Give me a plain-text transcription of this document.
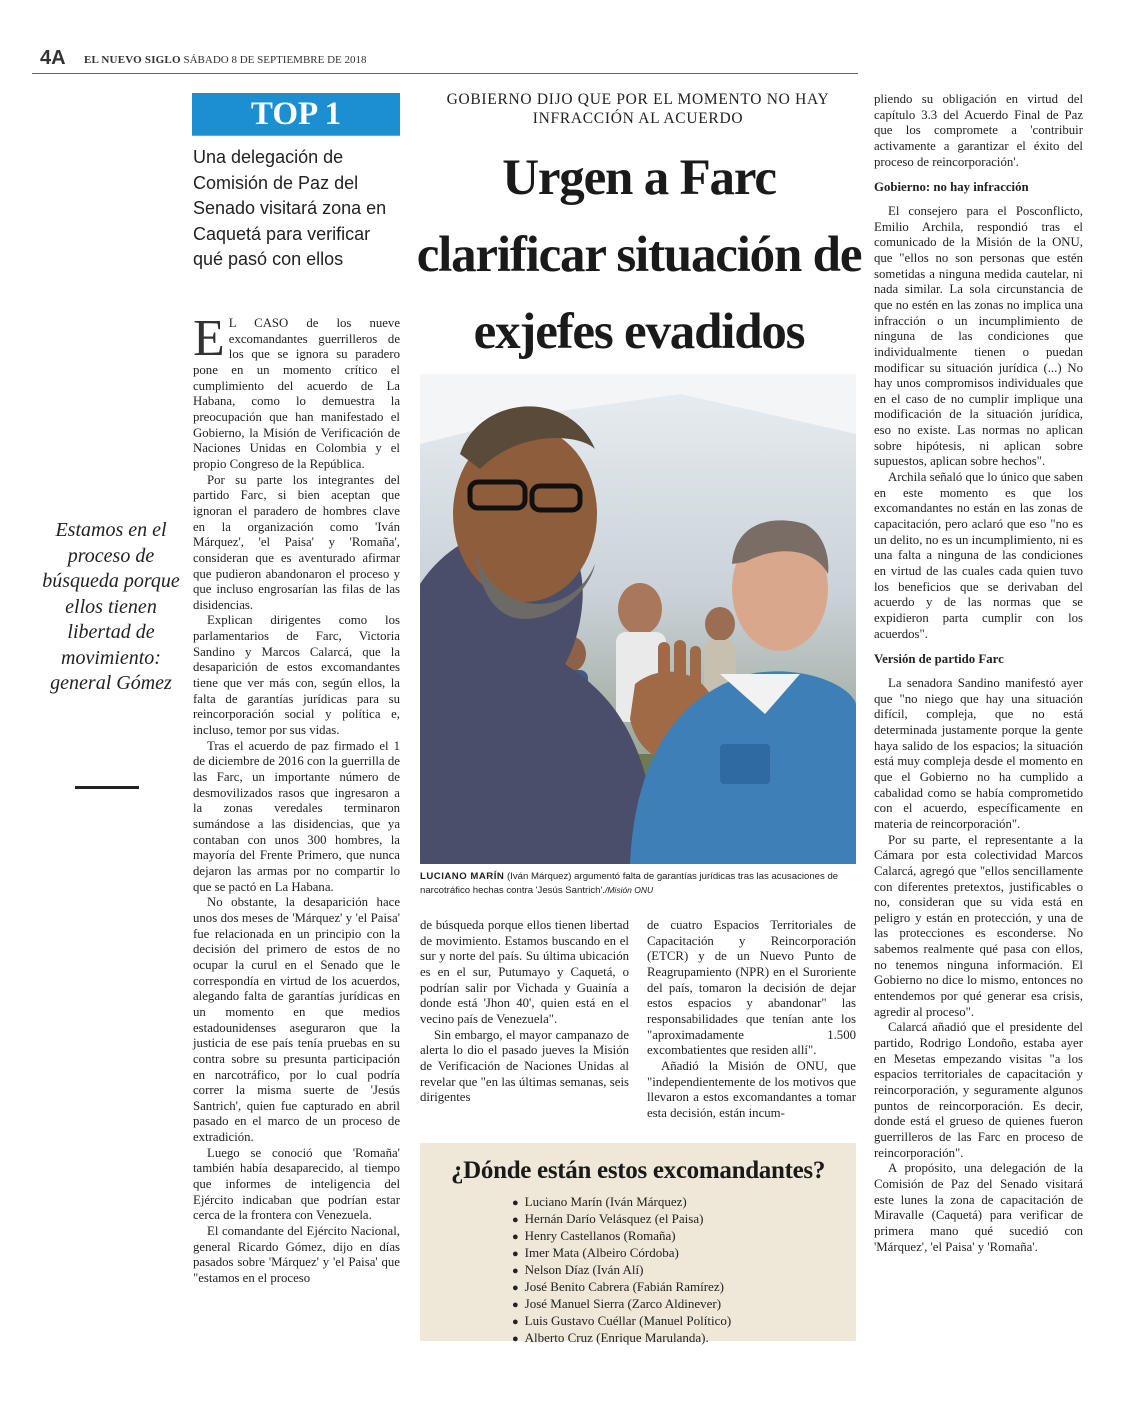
4A EL NUEVO SIGLO SÁBADO 8 DE SEPTIEMBRE DE 2018
TOP 1
Una delegación de Comisión de Paz del Senado visitará zona en Caquetá para verificar qué pasó con ellos
Estamos en el proceso de búsqueda porque ellos tienen libertad de movimiento: general Gómez
GOBIERNO DIJO QUE POR EL MOMENTO NO HAY INFRACCIÓN AL ACUERDO
Urgen a Farc clarificar situación de exjefes evadidos

E L CASO de los nueve excomandantes guerrilleros de los que se ignora su paradero pone en un momento crítico el cumplimiento del acuerdo de La Habana, como lo demuestra la preocupación que han manifestado el Gobierno, la Misión de Verificación de Naciones Unidas en Colombia y el propio Congreso de la República.

Por su parte los integrantes del partido Farc, si bien aceptan que ignoran el paradero de hombres clave en la organización como 'Iván Márquez', 'el Paisa' y 'Romaña', consideran que es aventurado afirmar que pudieron abandonaron el proceso y que incluso engrosarían las filas de las disidencias.

Explican dirigentes como los parlamentarios de Farc, Victoria Sandino y Marcos Calarcá, que la desaparición de estos excomandantes tiene que ver más con, según ellos, la falta de garantías jurídicas para su reincorporación social y política e, incluso, temor por sus vidas.

Tras el acuerdo de paz firmado el 1 de diciembre de 2016 con la guerrilla de las Farc, un importante número de desmovilizados rasos que ingresaron a la zonas veredales terminaron sumándose a las disidencias, que ya contaban con unos 300 hombres, la mayoría del Frente Primero, que nunca dejaron las armas por no compartir lo que se pactó en La Habana.

No obstante, la desaparición hace unos dos meses de 'Márquez' y 'el Paisa' fue relacionada en un principio con la decisión del primero de estos de no ocupar la curul en el Senado que le correspondía en virtud de los acuerdos, alegando falta de garantías jurídicas en un momento en que medios estadounidenses aseguraron que la justicia de ese país tenía pruebas en su contra sobre su presunta participación en narcotráfico, por lo cual podría correr la misma suerte de 'Jesús Santrich', quien fue capturado en abril pasado en el marco de un proceso de extradición.

Luego se conoció que 'Romaña' también había desaparecido, al tiempo que informes de inteligencia del Ejército indicaban que podrían estar cerca de la frontera con Venezuela.

El comandante del Ejército Nacional, general Ricardo Gómez, dijo en días pasados sobre 'Márquez' y 'el Paisa' que "estamos en el proceso

LUCIANO MARÍN (Iván Márquez) argumentó falta de garantías jurídicas tras las acusaciones de narcotráfico hechas contra 'Jesús Santrich'./Misión ONU

de búsqueda porque ellos tienen libertad de movimiento. Estamos buscando en el sur y norte del país. Su última ubicación es en el sur, Putumayo y Caquetá, o podrían salir por Vichada y Guainía a donde está 'Jhon 40', quien está en el vecino país de Venezuela".

Sin embargo, el mayor campanazo de alerta lo dio el pasado jueves la Misión de Verificación de Naciones Unidas al revelar que "en las últimas semanas, seis dirigentes

de cuatro Espacios Territoriales de Capacitación y Reincorporación (ETCR) y de un Nuevo Punto de Reagrupamiento (NPR) en el Suroriente del país, tomaron la decisión de dejar estos espacios y abandonar" las responsabilidades que tenían ante los "aproximadamente 1.500 excombatientes que residen allí".

Añadió la Misión de ONU, que "independientemente de los motivos que llevaron a estos excomandantes a tomar esta decisión, están incum-

¿Dónde están estos excomandantes?
● Luciano Marín (Iván Márquez)
● Hernán Darío Velásquez (el Paisa)
● Henry Castellanos (Romaña)
● Imer Mata (Albeiro Córdoba)
● Nelson Díaz (Iván Alí)
● José Benito Cabrera (Fabián Ramírez)
● José Manuel Sierra (Zarco Aldinever)
● Luis Gustavo Cuéllar (Manuel Político)
● Alberto Cruz (Enrique Marulanda).

pliendo su obligación en virtud del capítulo 3.3 del Acuerdo Final de Paz que los compromete a 'contribuir activamente a garantizar el éxito del proceso de reincorporación'.

Gobierno: no hay infracción

El consejero para el Posconflicto, Emilio Archila, respondió tras el comunicado de la Misión de la ONU, que "ellos no son personas que estén sometidas a ninguna medida cautelar, ni nada similar. La sola circunstancia de que no estén en las zonas no implica una infracción o un incumplimiento de ninguna de las condiciones que individualmente tienen o puedan modificar su situación jurídica (...) No hay unos compromisos individuales que en el caso de no cumplir implique una modificación de la situación jurídica, eso no existe. Las normas no aplican sobre hipótesis, ni aplican sobre supuestos, aplican sobre hechos".

Archila señaló que lo único que saben en este momento es que los excomandantes no están en las zonas de capacitación, pero aclaró que eso "no es un delito, no es un incumplimiento, ni es una falta a ninguna de las condiciones en virtud de las cuales cada quien tuvo los beneficios que se derivaban del acuerdo y de las normas que se expidieron parta cumplir con los acuerdos".

Versión de partido Farc

La senadora Sandino manifestó ayer que "no niego que hay una situación difícil, compleja, que no está determinada justamente porque la gente haya salido de los espacios; la situación está muy compleja desde el momento en que el Gobierno no ha cumplido a cabalidad como se había comprometido con el acuerdo, específicamente en materia de reincorporación".

Por su parte, el representante a la Cámara por esta colectividad Marcos Calarcá, agregó que "ellos sencillamente con diferentes pretextos, justificables o no, consideran que su vida está en peligro y están en protección, y una de las protecciones es esconderse. No sabemos realmente qué pasa con ellos, no tenemos ninguna información. El Gobierno no dice lo mismo, entonces no entendemos por qué generar esa crisis, agredir al proceso".

Calarcá añadió que el presidente del partido, Rodrigo Londoño, estaba ayer en Mesetas empezando visitas "a los espacios territoriales de capacitación y reincorporación, y seguramente algunos puntos de reincorporación. Es decir, donde está el grueso de quienes fueron guerrilleros de las Farc en proceso de reincorporación".

A propósito, una delegación de la Comisión de Paz del Senado visitará este lunes la zona de capacitación de Miravalle (Caquetá) para verificar de primera mano qué sucedió con 'Márquez', 'el Paisa' y 'Romaña'.
